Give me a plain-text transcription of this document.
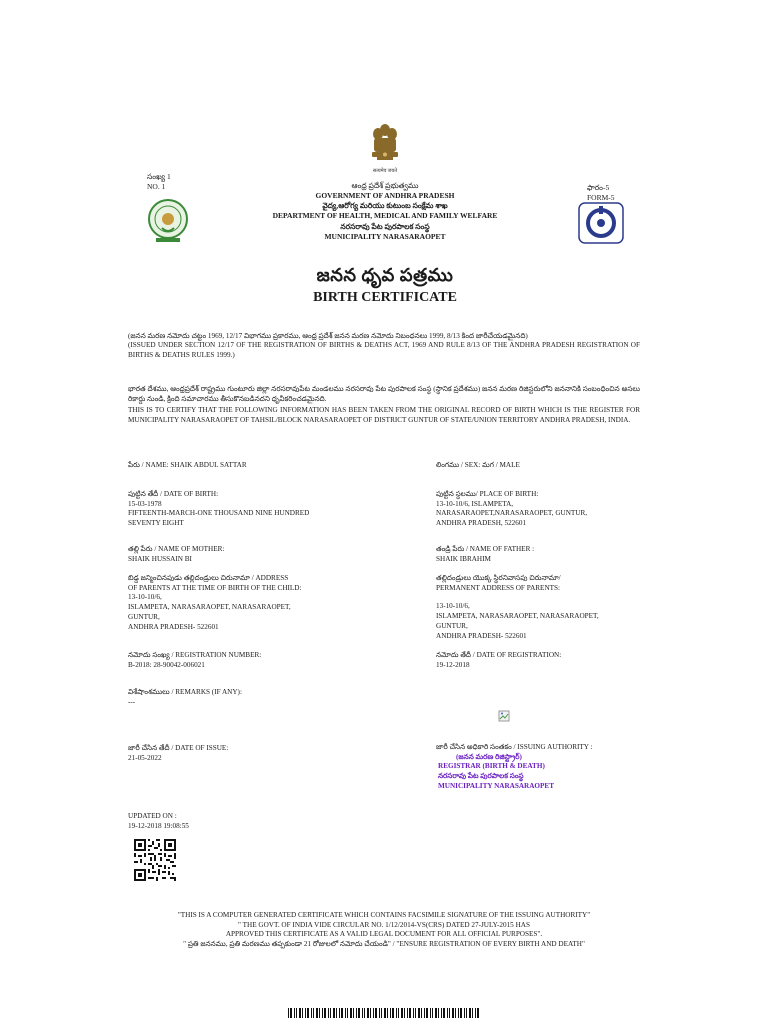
सत्यमेव जयते
సంఖ్య 1
NO. 1	ఆంధ్ర ప్రదేశ్ ప్రభుత్వము
GOVERNMENT OF ANDHRA PRADESH
వైద్య,ఆరోగ్య మరియు కుటుంబ సంక్షేమ శాఖ
DEPARTMENT OF HEALTH, MEDICAL AND FAMILY WELFARE
నరసరావు పేట పురపాలక సంస్థ
MUNICIPALITY NARASARAOPET
ఫారం-5
FORM-5
జనన ధృవ పత్రము
BIRTH CERTIFICATE
(జనన మరణ నమోదు చట్టం 1969, 12/17 విభాగము ప్రకారము, ఆంధ్ర ప్రదేశ్ జనన మరణ నమోదు నిబంధనలు 1999, 8/13 కింద జారీచేయడమైనది)
(ISSUED UNDER SECTION 12/17 OF THE REGISTRATION OF BIRTHS & DEATHS ACT, 1969 AND RULE 8/13 OF THE ANDHRA PRADESH REGISTRATION OF BIRTHS & DEATHS RULES 1999.)
భారత దేశము, ఆంధ్రప్రదేశ్ రాష్ట్రము గుంటూరు జిల్లా నరసరావుపేట మండలము నరసరావు పేట పురపాలక సంస్థ (స్థానిక ప్రదేశము) జనన మరణ రిజిస్టరులోని జననానికి సంబంధించిన అసలు రికార్డు నుండి, క్రింది సమాచారము తీసుకొనబడినదని ధృవీకరించడమైనది.
THIS IS TO CERTIFY THAT THE FOLLOWING INFORMATION HAS BEEN TAKEN FROM THE ORIGINAL RECORD OF BIRTH WHICH IS THE REGISTER FOR MUNICIPALITY NARASARAOPET OF TAHSIL/BLOCK NARASARAOPET OF DISTRICT GUNTUR OF STATE/UNION TERRITORY ANDHRA PRADESH, INDIA.
పేరు / NAME: SHAIK ABDUL SATTAR	లింగము / SEX: మగ / MALE
పుట్టిన తేదీ / DATE OF BIRTH:
15-03-1978
FIFTEENTH-MARCH-ONE THOUSAND NINE HUNDRED
SEVENTY EIGHT
పుట్టిన స్థలము/ PLACE OF BIRTH:
13-10-10/6, ISLAMPETA,
NARASARAOPET,NARASARAOPET, GUNTUR,
ANDHRA PRADESH, 522601
తల్లి పేరు / NAME OF MOTHER:
SHAIK HUSSAIN BI
తండ్రి పేరు / NAME OF FATHER :
SHAIK IBRAHIM
బిడ్డ జన్మించినపుడు తల్లిదండ్రులు చిరునామా / ADDRESS
OF PARENTS AT THE TIME OF BIRTH OF THE CHILD:
13-10-10/6,
ISLAMPETA, NARASARAOPET, NARASARAOPET,
GUNTUR,
ANDHRA PRADESH- 522601
తల్లిదండ్రులు యొక్క స్థిరనివాసపు చిరునామా/
PERMANENT ADDRESS OF PARENTS:
13-10-10/6,
ISLAMPETA, NARASARAOPET, NARASARAOPET,
GUNTUR,
ANDHRA PRADESH- 522601
నమోదు సంఖ్య / REGISTRATION NUMBER:
B-2018: 28-90042-006021
నమోదు తేదీ / DATE OF REGISTRATION:
19-12-2018
విశేషాంశములు / REMARKS (IF ANY):
---
జారీ చేసిన తేదీ / DATE OF ISSUE:
21-05-2022
జారీ చేసిన అధికారి సంతకం / ISSUING AUTHORITY :
(జనన మరణ రిజిస్ట్రార్)
REGISTRAR (BIRTH & DEATH)
నరసరావు పేట పురపాలక సంస్థ
MUNICIPALITY NARASARAOPET
UPDATED ON :
19-12-2018 19:08:55
"THIS IS A COMPUTER GENERATED CERTIFICATE WHICH CONTAINS FACSIMILE SIGNATURE OF THE ISSUING AUTHORITY"
" THE GOVT. OF INDIA VIDE CIRCULAR NO. 1/12/2014-VS(CRS) DATED 27-JULY-2015 HAS
APPROVED THIS CERTIFICATE AS A VALID LEGAL DOCUMENT FOR ALL OFFICIAL PURPOSES".
" ప్రతి జననము, ప్రతి మరణము తప్పకుండా 21 రోజులలో నమోదు చేయండి" / "ENSURE REGISTRATION OF EVERY BIRTH AND DEATH"
